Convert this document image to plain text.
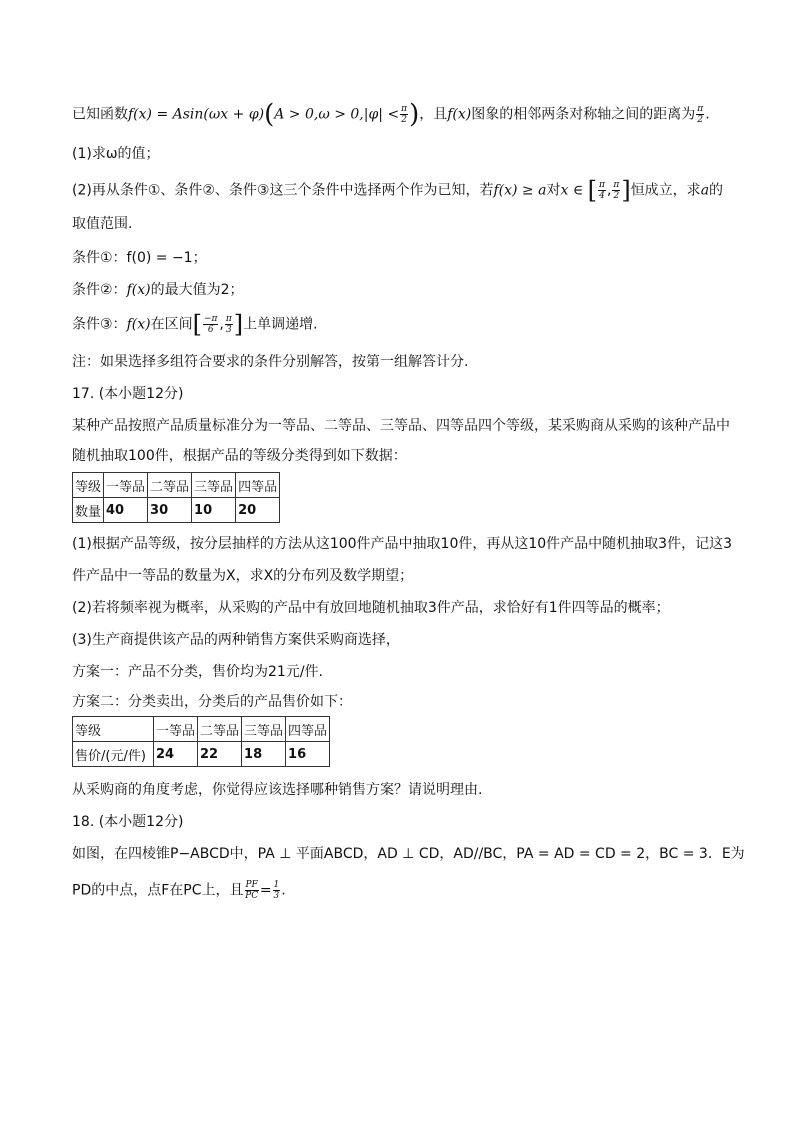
已知函数$f(x) = Asin(\omega x + \varphi)(A > 0,\omega > 0,|\varphi| < \frac{\pi}{2}$ )，且f(x)图象的相邻两条对称轴之间的距离为 $\frac{\pi}{2}$ .
(1)求ω的值；
(2)再从条件①、条件②、条件③这三个条件中选择两个作为已知，若f(x) ≥ a对x ∈ [ $\frac{\pi}{4}$ , $\frac{\pi}{2}$ ]恒成立，求a的
取值范围.
条件①：f(0) = −1；
条件②：f(x)的最大值为2；
条件③：f(x)在区间[ $\frac{-\pi}{6}$ , $\frac{\pi}{3}$ ]上单调递增.
注：如果选择多组符合要求的条件分别解答，按第一组解答计分.
17. (本小题12分)
某种产品按照产品质量标准分为一等品、二等品、三等品、四等品四个等级，某采购商从采购的该种产品中
随机抽取100件，根据产品的等级分类得到如下数据：
等级	一等品	二等品	三等品	四等品
数量	40	30	10	20
(1)根据产品等级，按分层抽样的方法从这100件产品中抽取10件，再从这10件产品中随机抽取3件，记这3
件产品中一等品的数量为X，求X的分布列及数学期望；
(2)若将频率视为概率，从采购的产品中有放回地随机抽取3件产品，求恰好有1件四等品的概率；
(3)生产商提供该产品的两种销售方案供采购商选择，
方案一：产品不分类，售价均为21元/件.
方案二：分类卖出，分类后的产品售价如下：
等级	一等品	二等品	三等品	四等品
售价/(元/件)	24	22	18	16
从采购商的角度考虑，你觉得应该选择哪种销售方案？请说明理由.
18. (本小题12分)
如图，在四棱锥P−ABCD中，PA ⊥ 平面ABCD，AD ⊥ CD，AD//BC，PA = AD = CD = 2，BC = 3．E为
PD的中点，点F在PC上，且 $\frac{PF}{PC} = \frac{1}{3}$ .
